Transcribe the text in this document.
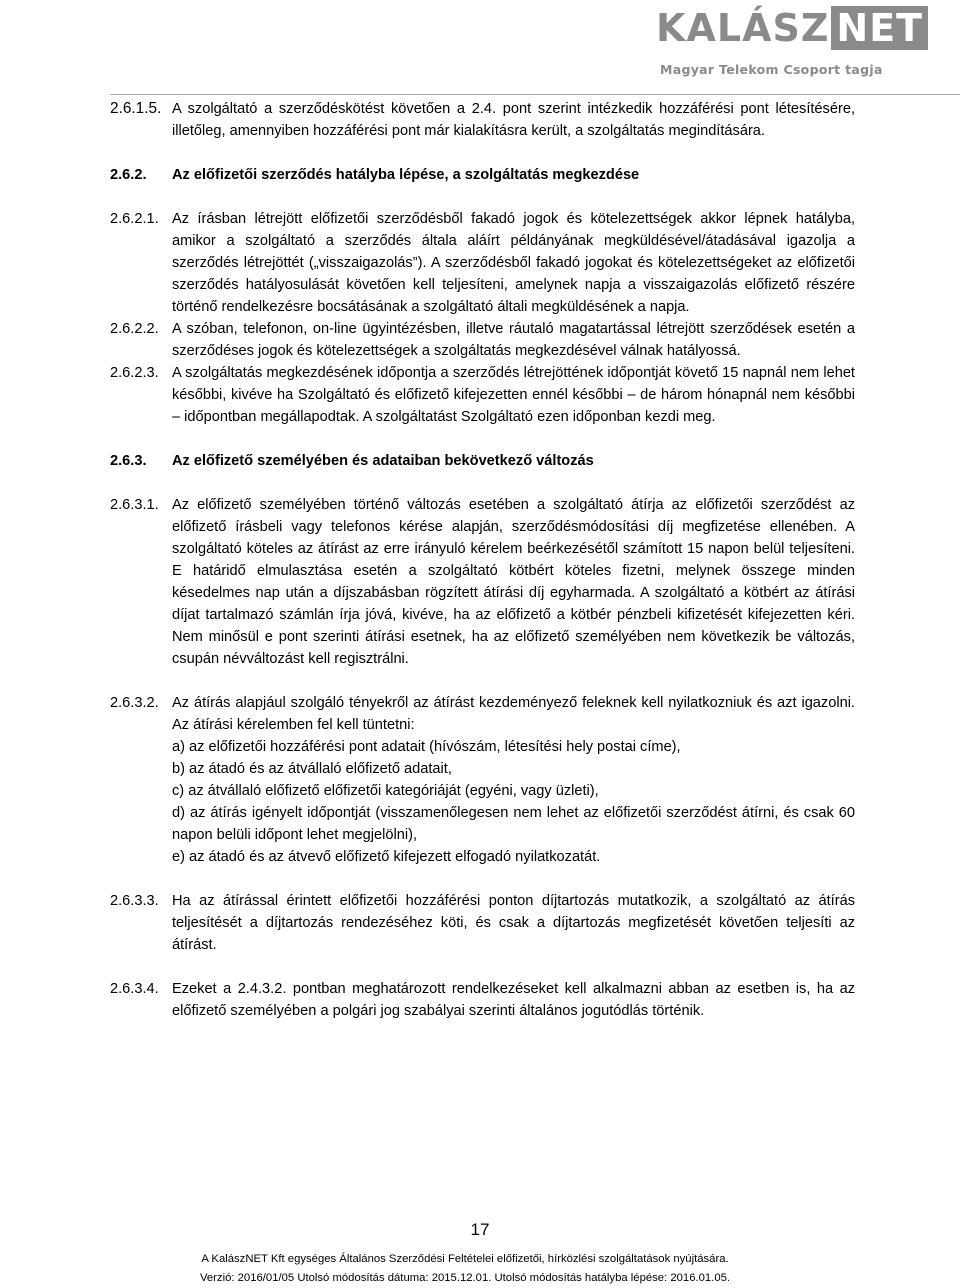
KALÁSZ NET
Magyar Telekom Csoport tagja
2.6.1.5. A szolgáltató a szerződéskötést követően a 2.4. pont szerint intézkedik hozzáférési pont létesítésére, illetőleg, amennyiben hozzáférési pont már kialakításra került, a szolgáltatás megindítására.
2.6.2. Az előfizetői szerződés hatályba lépése, a szolgáltatás megkezdése
2.6.2.1. Az írásban létrejött előfizetői szerződésből fakadó jogok és kötelezettségek akkor lépnek hatályba, amikor a szolgáltató a szerződés általa aláírt példányának megküldésével/átadásával igazolja a szerződés létrejöttét („visszaigazolás”). A szerződésből fakadó jogokat és kötelezettségeket az előfizetői szerződés hatályosulását követően kell teljesíteni, amelynek napja a visszaigazolás előfizető részére történő rendelkezésre bocsátásának a szolgáltató általi megküldésének a napja.
2.6.2.2. A szóban, telefonon, on-line ügyintézésben, illetve ráutaló magatartással létrejött szerződések esetén a szerződéses jogok és kötelezettségek a szolgáltatás megkezdésével válnak hatályossá.
2.6.2.3. A szolgáltatás megkezdésének időpontja a szerződés létrejöttének időpontját követő 15 napnál nem lehet későbbi, kivéve ha Szolgáltató és előfizető kifejezetten ennél későbbi – de három hónapnál nem későbbi – időpontban megállapodtak. A szolgáltatást Szolgáltató ezen időponban kezdi meg.
2.6.3. Az előfizető személyében és adataiban bekövetkező változás
2.6.3.1. Az előfizető személyében történő változás esetében a szolgáltató átírja az előfizetői szerződést az előfizető írásbeli vagy telefonos kérése alapján, szerződésmódosítási díj megfizetése ellenében. A szolgáltató köteles az átírást az erre irányuló kérelem beérkezésétől számított 15 napon belül teljesíteni. E határidő elmulasztása esetén a szolgáltató kötbért köteles fizetni, melynek összege minden késedelmes nap után a díjszabásban rögzített átírási díj egyharmada. A szolgáltató a kötbért az átírási díjat tartalmazó számlán írja jóvá, kivéve, ha az előfizető a kötbér pénzbeli kifizetését kifejezetten kéri. Nem minősül e pont szerinti átírási esetnek, ha az előfizető személyében nem következik be változás, csupán névváltozást kell regisztrálni.
2.6.3.2. Az átírás alapjául szolgáló tényekről az átírást kezdeményező feleknek kell nyilatkozniuk és azt igazolni. Az átírási kérelemben fel kell tüntetni:
a) az előfizetői hozzáférési pont adatait (hívószám, létesítési hely postai címe),
b) az átadó és az átvállaló előfizető adatait,
c) az átvállaló előfizető előfizetői kategóriáját (egyéni, vagy üzleti),
d) az átírás igényelt időpontját (visszamenőlegesen nem lehet az előfizetői szerződést átírni, és csak 60 napon belüli időpont lehet megjelölni),
e) az átadó és az átvevő előfizető kifejezett elfogadó nyilatkozatát.
2.6.3.3. Ha az átírással érintett előfizetői hozzáférési ponton díjtartozás mutatkozik, a szolgáltató az átírás teljesítését a díjtartozás rendezéséhez köti, és csak a díjtartozás megfizetését követően teljesíti az átírást.
2.6.3.4. Ezeket a 2.4.3.2. pontban meghatározott rendelkezéseket kell alkalmazni abban az esetben is, ha az előfizető személyében a polgári jog szabályai szerinti általános jogutódlás történik.
17
A KalászNET Kft egységes Általános Szerződési Feltételei előfizetői, hírközlési szolgáltatások nyújtására.
Verzió: 2016/01/05 Utolsó módosítás dátuma: 2015.12.01. Utolsó módosítás hatályba lépése: 2016.01.05.
